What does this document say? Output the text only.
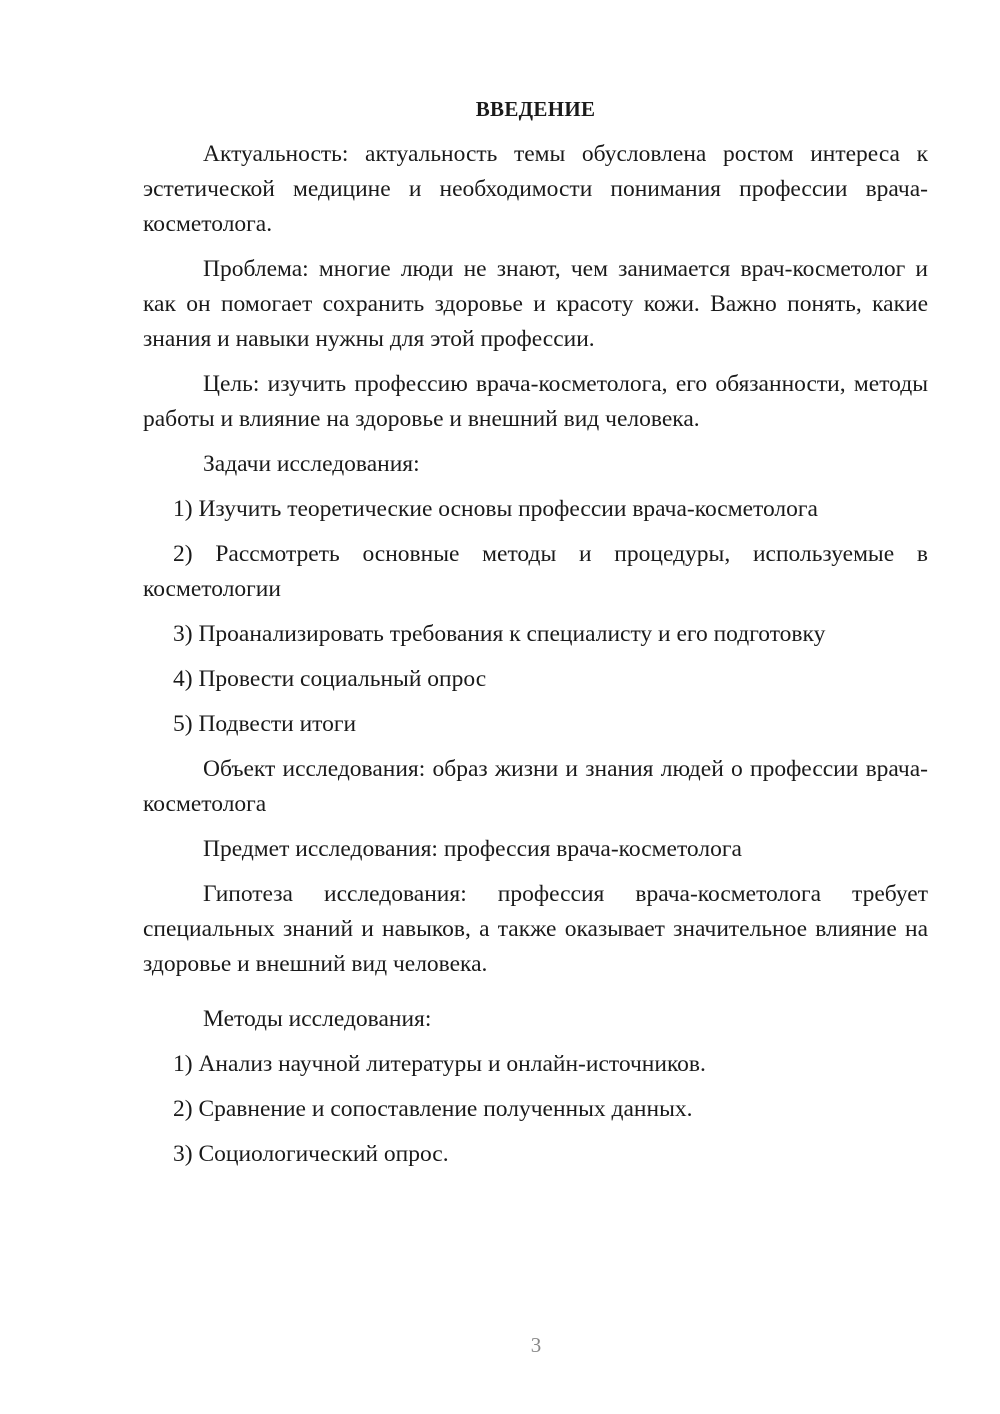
ВВЕДЕНИЕ

Актуальность: актуальность темы обусловлена ростом интереса к эстетической медицине и необходимости понимания профессии врача-косметолога.

Проблема: многие люди не знают, чем занимается врач-косметолог и как он помогает сохранить здоровье и красоту кожи. Важно понять, какие знания и навыки нужны для этой профессии.

Цель: изучить профессию врача-косметолога, его обязанности, методы работы и влияние на здоровье и внешний вид человека.

Задачи исследования:

1) Изучить теоретические основы профессии врача-косметолога

2) Рассмотреть основные методы и процедуры, используемые в косметологии

3) Проанализировать требования к специалисту и его подготовку

4) Провести социальный опрос

5) Подвести итоги

Объект исследования: образ жизни и знания людей о профессии врача-косметолога

Предмет исследования: профессия врача-косметолога

Гипотеза исследования: профессия врача-косметолога требует специальных знаний и навыков, а также оказывает значительное влияние на здоровье и внешний вид человека.

Методы исследования:

1) Анализ научной литературы и онлайн-источников.

2) Сравнение и сопоставление полученных данных.

3) Социологический опрос.

3
